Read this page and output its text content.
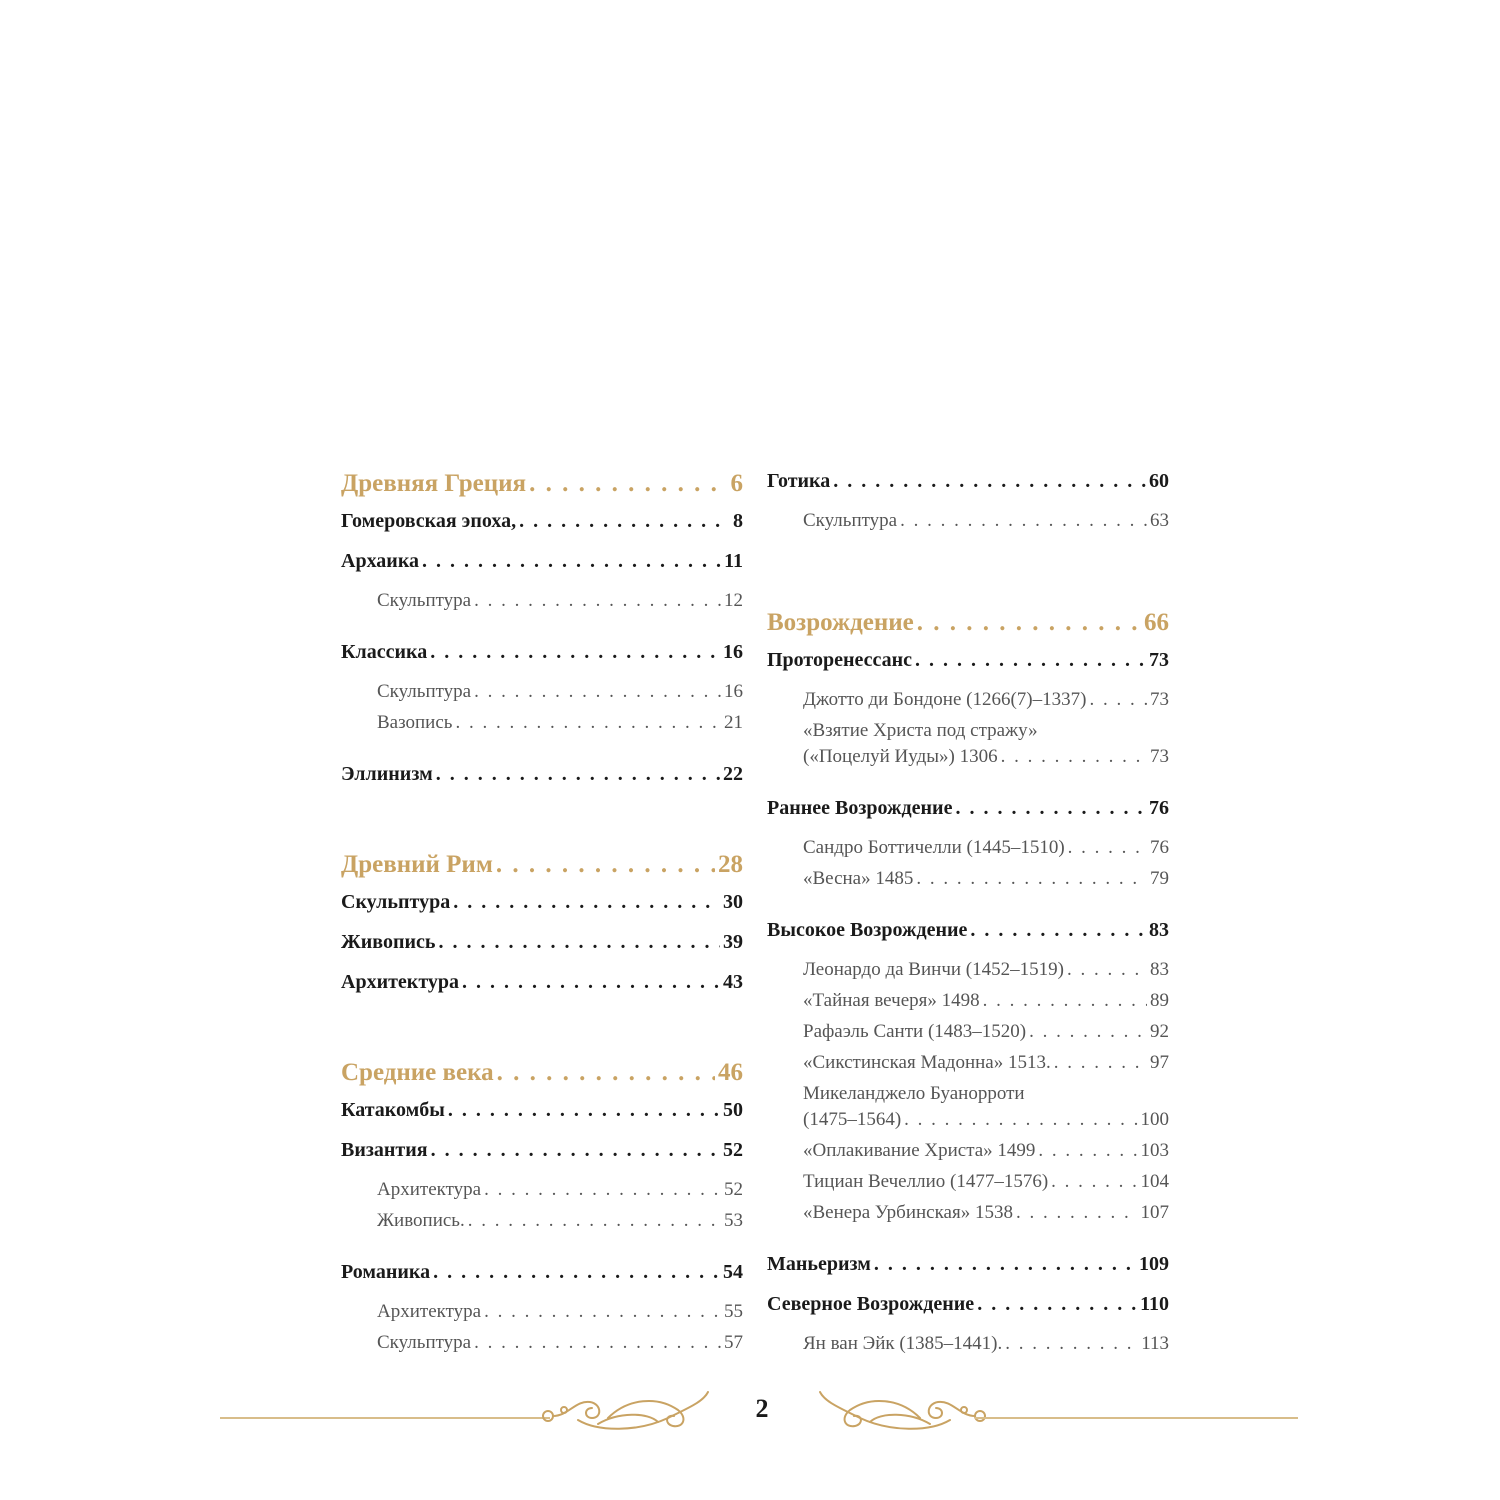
Древняя Греция . . .	6
Гомеровская эпоха, . . .	8
Архаика . . .	11
Скульптура . . .	12
Классика . . .	16
Скульптура . . .	16
Вазопись . . .	21
Эллинизм . . .	22
Древний Рим . . .	28
Скульптура . . .	30
Живопись . . .	39
Архитектура . . .	43
Средние века . . .	46
Катакомбы . . .	50
Византия . . .	52
Архитектура . . .	52
Живопись. . . .	53
Романика . . .	54
Архитектура . . .	55
Скульптура . . .	57
Готика . . .	60
Скульптура . . .	63
Возрождение . . .	66
Проторенессанс . . .	73
Джотто ди Бондоне (1266(7)–1337) . . .	73
«Взятие Христа под стражу»
(«Поцелуй Иуды») 1306 . . .	73
Раннее Возрождение . . .	76
Сандро Боттичелли (1445–1510) . . .	76
«Весна» 1485 . . .	79
Высокое Возрождение . . .	83
Леонардо да Винчи (1452–1519) . . .	83
«Тайная вечеря» 1498 . . .	89
Рафаэль Санти (1483–1520) . . .	92
«Сикстинская Мадонна» 1513. . . .	97
Микеланджело Буанорроти
(1475–1564) . . .	100
«Оплакивание Христа» 1499 . . .	103
Тициан Вечеллио (1477–1576) . . .	104
«Венера Урбинская» 1538 . . .	107
Маньеризм . . .	109
Северное Возрождение . . .	110
Ян ван Эйк (1385–1441). . . .	113
2
